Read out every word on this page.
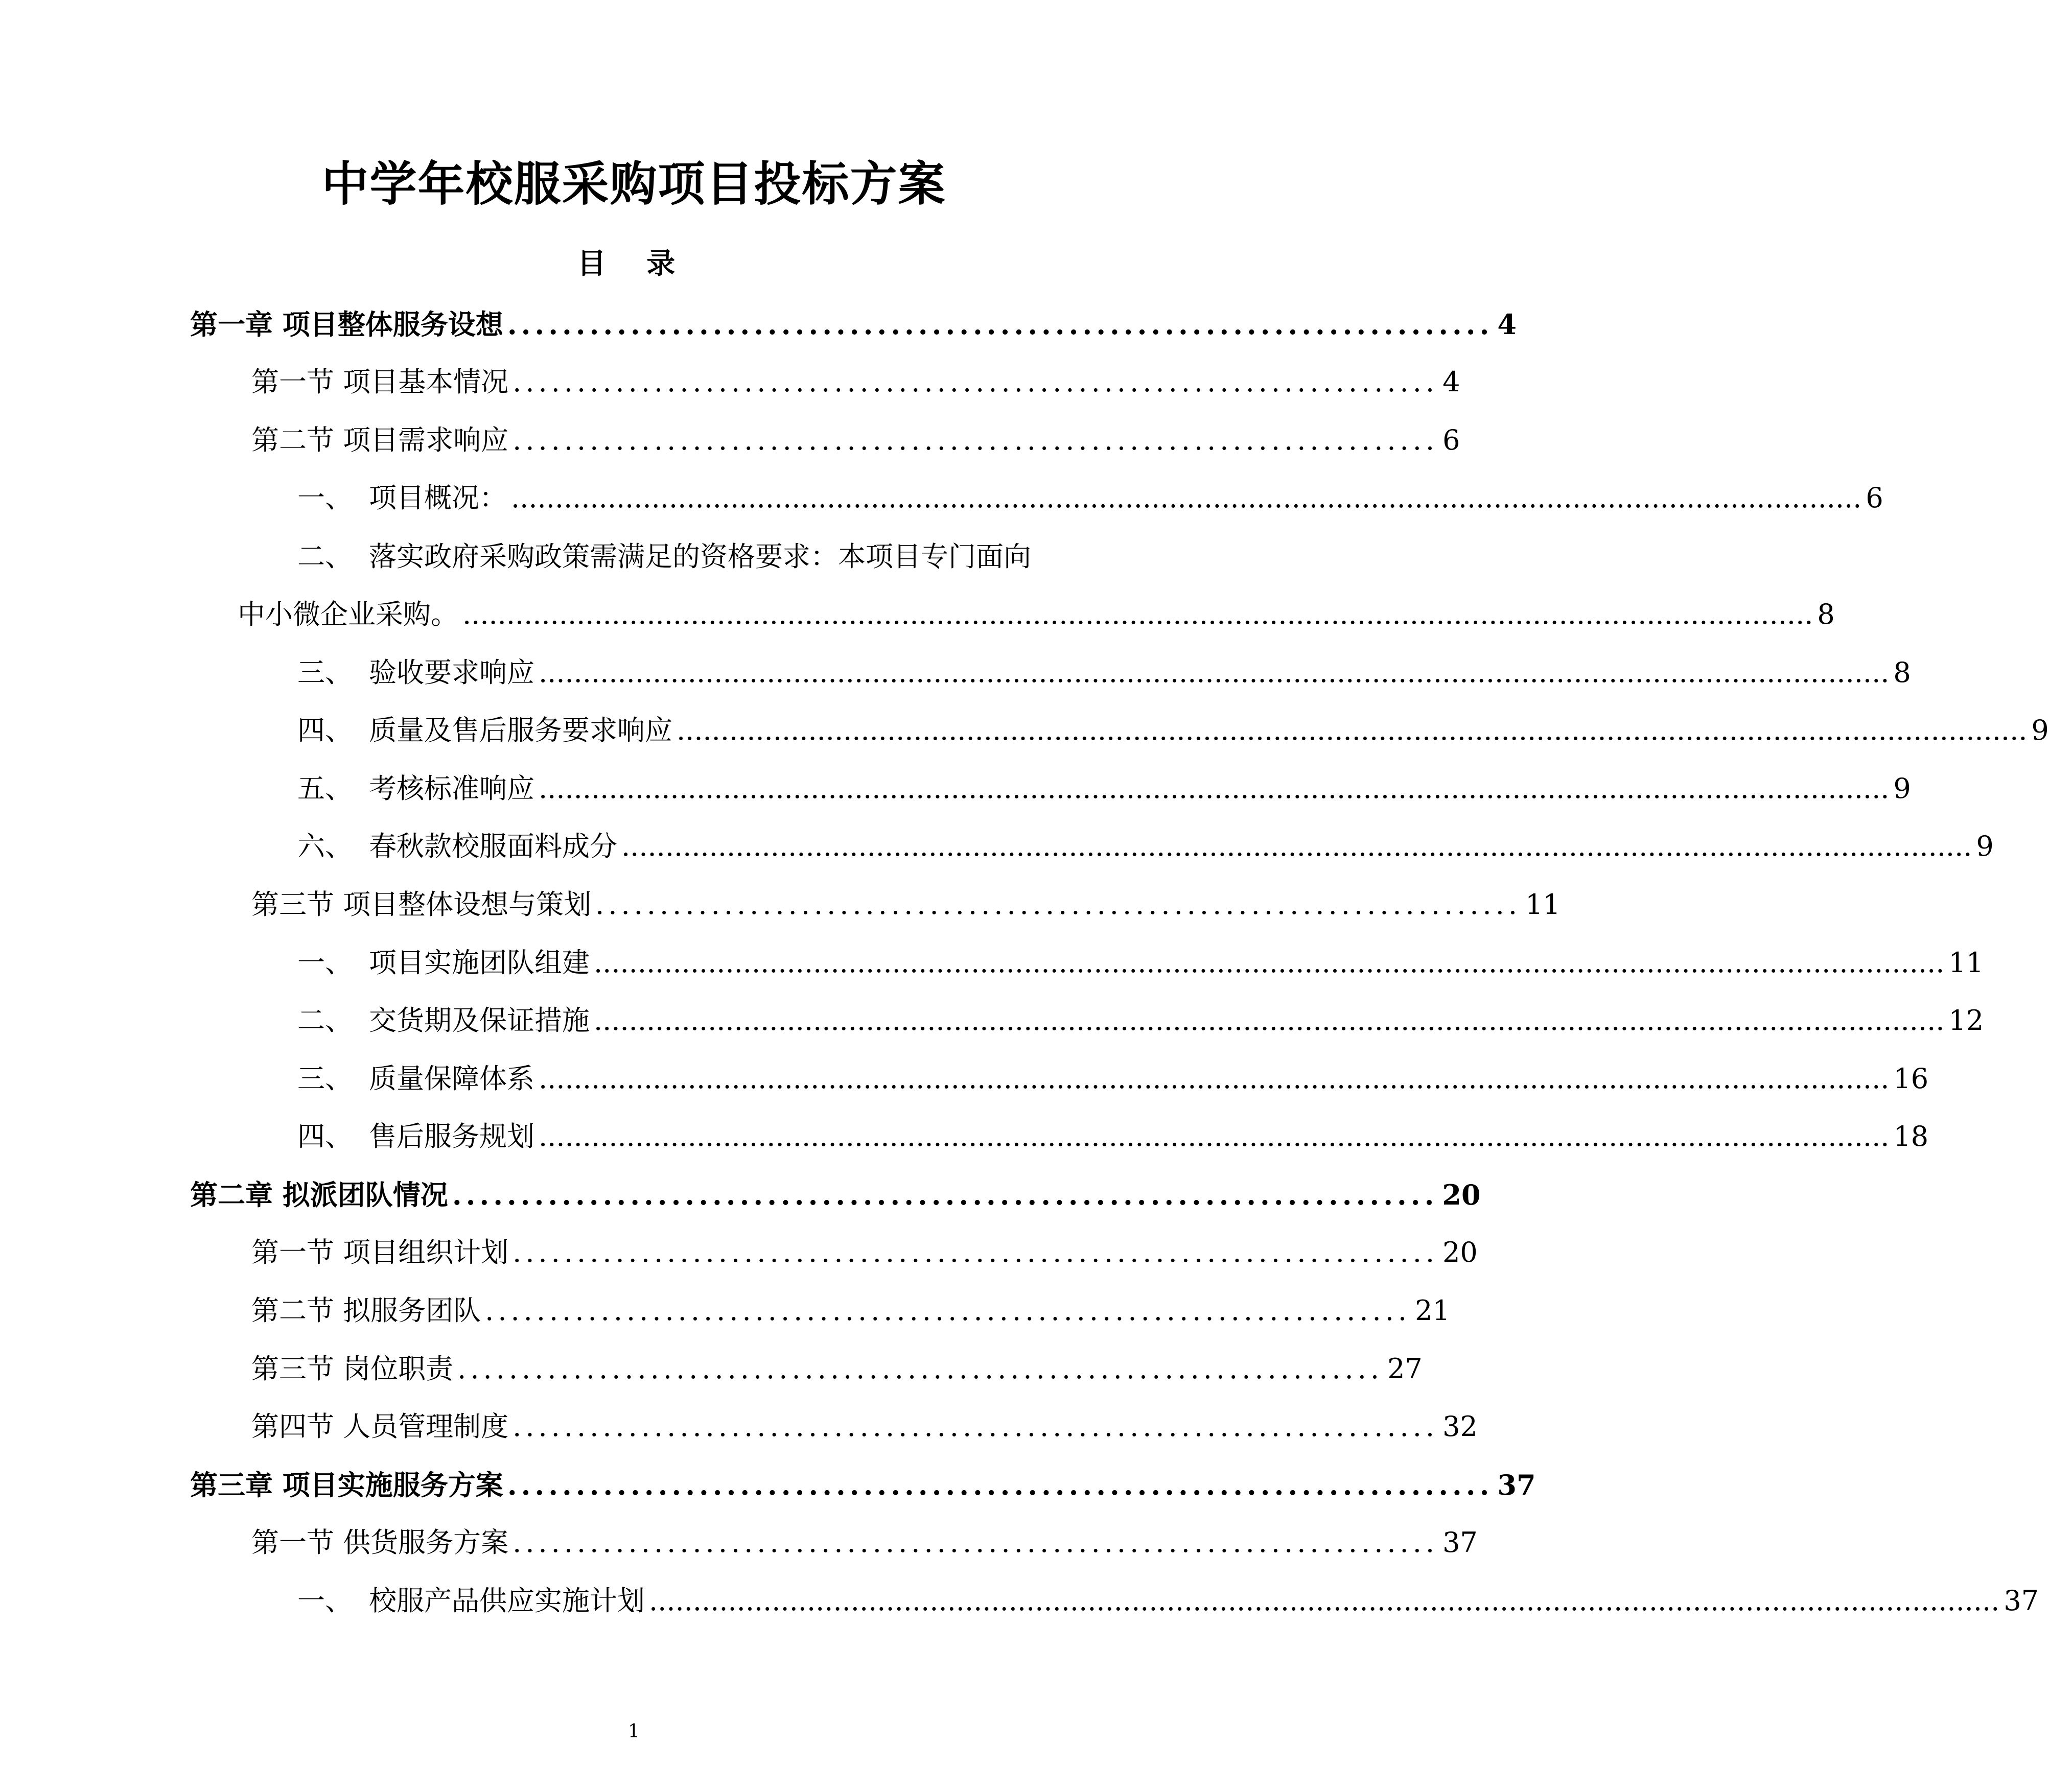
中学年校服采购项目投标方案
目 录
第一章 项目整体服务设想 ........................................................................ 4
第一节 项目基本情况 ........................................................................ 4
第二节 项目需求响应 ........................................................................ 6
一、 项目概况： .......................................................................................................................................................... 6
二、 落实政府采购政策需满足的资格要求：本项目专门面向
中小微企业采购。 .......................................................................................................................................................... 8
三、 验收要求响应 .......................................................................................................................................................... 8
四、 质量及售后服务要求响应 .......................................................................................................................................................... 9
五、 考核标准响应 .......................................................................................................................................................... 9
六、 春秋款校服面料成分 .......................................................................................................................................................... 9
第三节 项目整体设想与策划 ........................................................................ 11
一、 项目实施团队组建 .......................................................................................................................................................... 11
二、 交货期及保证措施 .......................................................................................................................................................... 12
三、 质量保障体系 .......................................................................................................................................................... 16
四、 售后服务规划 .......................................................................................................................................................... 18
第二章 拟派团队情况 ........................................................................ 20
第一节 项目组织计划 ........................................................................ 20
第二节 拟服务团队 ........................................................................ 21
第三节 岗位职责 ........................................................................ 27
第四节 人员管理制度 ........................................................................ 32
第三章 项目实施服务方案 ........................................................................ 37
第一节 供货服务方案 ........................................................................ 37
一、 校服产品供应实施计划 .......................................................................................................................................................... 37
1
